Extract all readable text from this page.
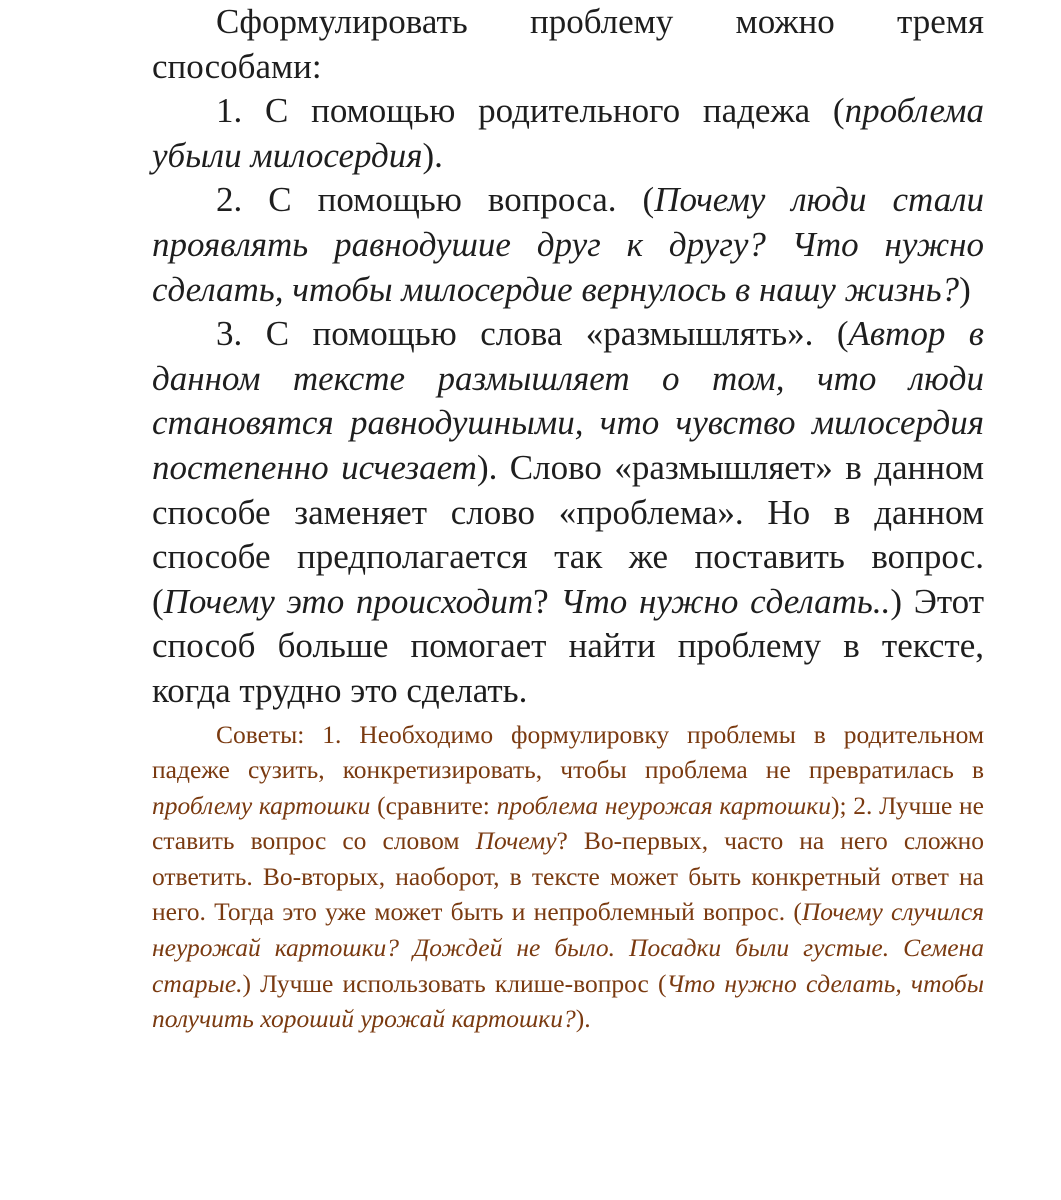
Сформулировать проблему можно тремя способами:

1. С помощью родительного падежа (проблема убыли милосердия).

2. С помощью вопроса. (Почему люди стали проявлять равнодушие друг к другу? Что нужно сделать, чтобы милосердие вернулось в нашу жизнь?)

3. С помощью слова «размышлять». (Автор в данном тексте размышляет о том, что люди становятся равнодушными, что чувство милосердия постепенно исчезает). Слово «размышляет» в данном способе заменяет слово «проблема». Но в данном способе предполагается так же поставить вопрос. (Почему это происходит? Что нужно сделать..) Этот способ больше помогает найти проблему в тексте, когда трудно это сделать.

Советы: 1. Необходимо формулировку проблемы в родительном падеже сузить, конкретизировать, чтобы проблема не превратилась в проблему картошки (сравните: проблема неурожая картошки); 2. Лучше не ставить вопрос со словом Почему? Во-первых, часто на него сложно ответить. Во-вторых, наоборот, в тексте может быть конкретный ответ на него. Тогда это уже может быть и непроблемный вопрос. (Почему случился неурожай картошки? Дождей не было. Посадки были густые. Семена старые.) Лучше использовать клише-вопрос (Что нужно сделать, чтобы получить хороший урожай картошки?).
